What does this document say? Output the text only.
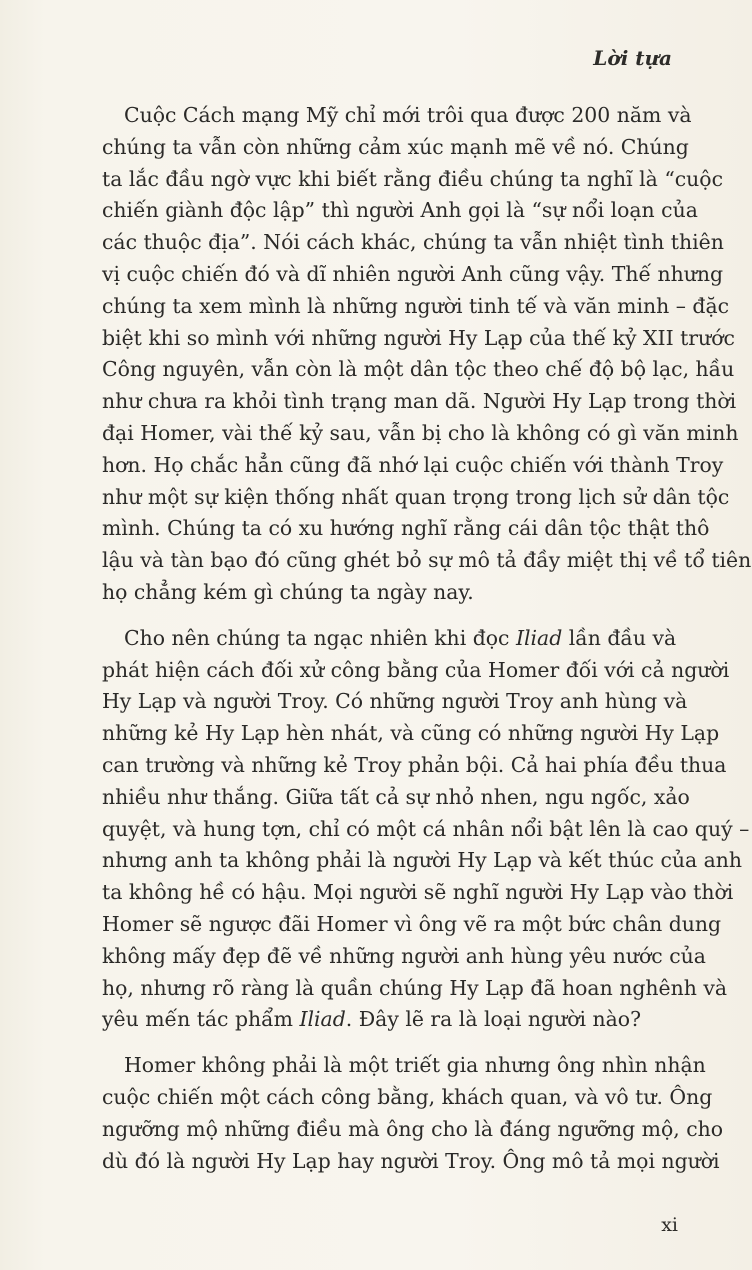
Lời tựa

Cuộc Cách mạng Mỹ chỉ mới trôi qua được 200 năm và
chúng ta vẫn còn những cảm xúc mạnh mẽ về nó. Chúng
ta lắc đầu ngờ vực khi biết rằng điều chúng ta nghĩ là “cuộc
chiến giành độc lập” thì người Anh gọi là “sự nổi loạn của
các thuộc địa”. Nói cách khác, chúng ta vẫn nhiệt tình thiên
vị cuộc chiến đó và dĩ nhiên người Anh cũng vậy. Thế nhưng
chúng ta xem mình là những người tinh tế và văn minh – đặc
biệt khi so mình với những người Hy Lạp của thế kỷ XII trước
Công nguyên, vẫn còn là một dân tộc theo chế độ bộ lạc, hầu
như chưa ra khỏi tình trạng man dã. Người Hy Lạp trong thời
đại Homer, vài thế kỷ sau, vẫn bị cho là không có gì văn minh
hơn. Họ chắc hẳn cũng đã nhớ lại cuộc chiến với thành Troy
như một sự kiện thống nhất quan trọng trong lịch sử dân tộc
mình. Chúng ta có xu hướng nghĩ rằng cái dân tộc thật thô
lậu và tàn bạo đó cũng ghét bỏ sự mô tả đầy miệt thị về tổ tiên
họ chẳng kém gì chúng ta ngày nay.

Cho nên chúng ta ngạc nhiên khi đọc Iliad lần đầu và
phát hiện cách đối xử công bằng của Homer đối với cả người
Hy Lạp và người Troy. Có những người Troy anh hùng và
những kẻ Hy Lạp hèn nhát, và cũng có những người Hy Lạp
can trường và những kẻ Troy phản bội. Cả hai phía đều thua
nhiều như thắng. Giữa tất cả sự nhỏ nhen, ngu ngốc, xảo
quyệt, và hung tợn, chỉ có một cá nhân nổi bật lên là cao quý –
nhưng anh ta không phải là người Hy Lạp và kết thúc của anh
ta không hề có hậu. Mọi người sẽ nghĩ người Hy Lạp vào thời
Homer sẽ ngược đãi Homer vì ông vẽ ra một bức chân dung
không mấy đẹp đẽ về những người anh hùng yêu nước của
họ, nhưng rõ ràng là quần chúng Hy Lạp đã hoan nghênh và
yêu mến tác phẩm Iliad. Đây lẽ ra là loại người nào?

Homer không phải là một triết gia nhưng ông nhìn nhận
cuộc chiến một cách công bằng, khách quan, và vô tư. Ông
ngưỡng mộ những điều mà ông cho là đáng ngưỡng mộ, cho
dù đó là người Hy Lạp hay người Troy. Ông mô tả mọi người

xi
